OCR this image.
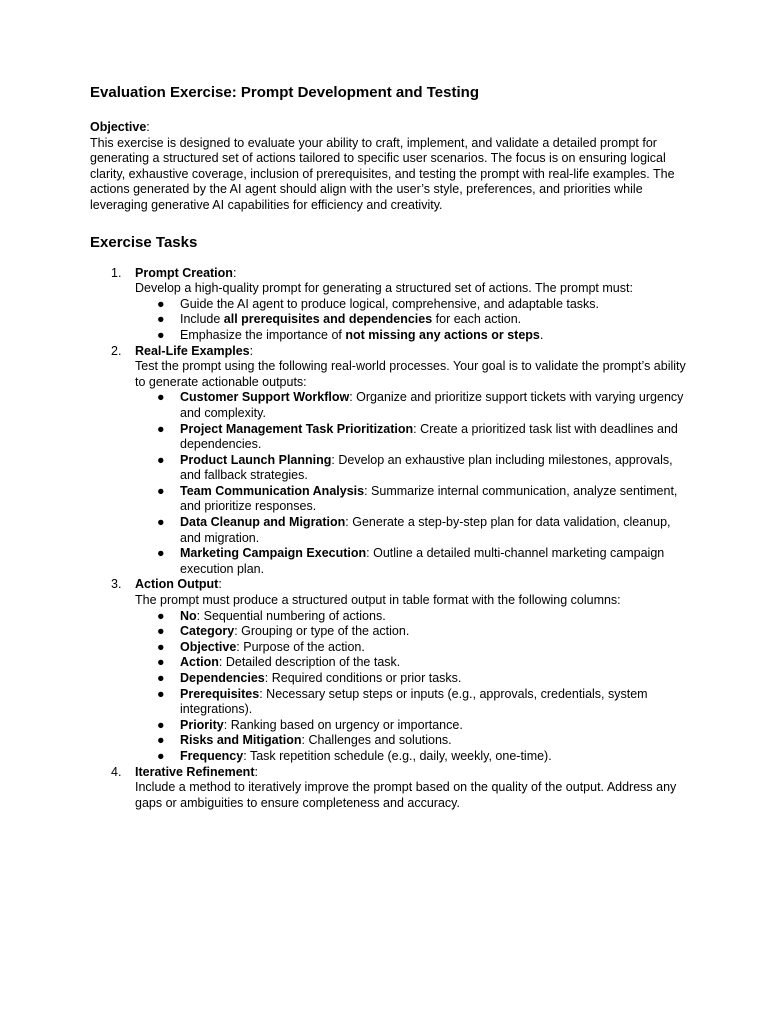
Evaluation Exercise: Prompt Development and Testing
Objective:
This exercise is designed to evaluate your ability to craft, implement, and validate a detailed prompt for generating a structured set of actions tailored to specific user scenarios. The focus is on ensuring logical clarity, exhaustive coverage, inclusion of prerequisites, and testing the prompt with real-life examples. The actions generated by the AI agent should align with the user’s style, preferences, and priorities while leveraging generative AI capabilities for efficiency and creativity.
Exercise Tasks
1.	Prompt Creation:
Develop a high-quality prompt for generating a structured set of actions. The prompt must:
● Guide the AI agent to produce logical, comprehensive, and adaptable tasks.
● Include all prerequisites and dependencies for each action.
● Emphasize the importance of not missing any actions or steps.
2.	Real-Life Examples:
Test the prompt using the following real-world processes. Your goal is to validate the prompt’s ability to generate actionable outputs:
● Customer Support Workflow: Organize and prioritize support tickets with varying urgency and complexity.
● Project Management Task Prioritization: Create a prioritized task list with deadlines and dependencies.
● Product Launch Planning: Develop an exhaustive plan including milestones, approvals, and fallback strategies.
● Team Communication Analysis: Summarize internal communication, analyze sentiment, and prioritize responses.
● Data Cleanup and Migration: Generate a step-by-step plan for data validation, cleanup, and migration.
● Marketing Campaign Execution: Outline a detailed multi-channel marketing campaign execution plan.
3.	Action Output:
The prompt must produce a structured output in table format with the following columns:
● No: Sequential numbering of actions.
● Category: Grouping or type of the action.
● Objective: Purpose of the action.
● Action: Detailed description of the task.
● Dependencies: Required conditions or prior tasks.
● Prerequisites: Necessary setup steps or inputs (e.g., approvals, credentials, system integrations).
● Priority: Ranking based on urgency or importance.
● Risks and Mitigation: Challenges and solutions.
● Frequency: Task repetition schedule (e.g., daily, weekly, one-time).
4.	Iterative Refinement:
Include a method to iteratively improve the prompt based on the quality of the output. Address any gaps or ambiguities to ensure completeness and accuracy.
